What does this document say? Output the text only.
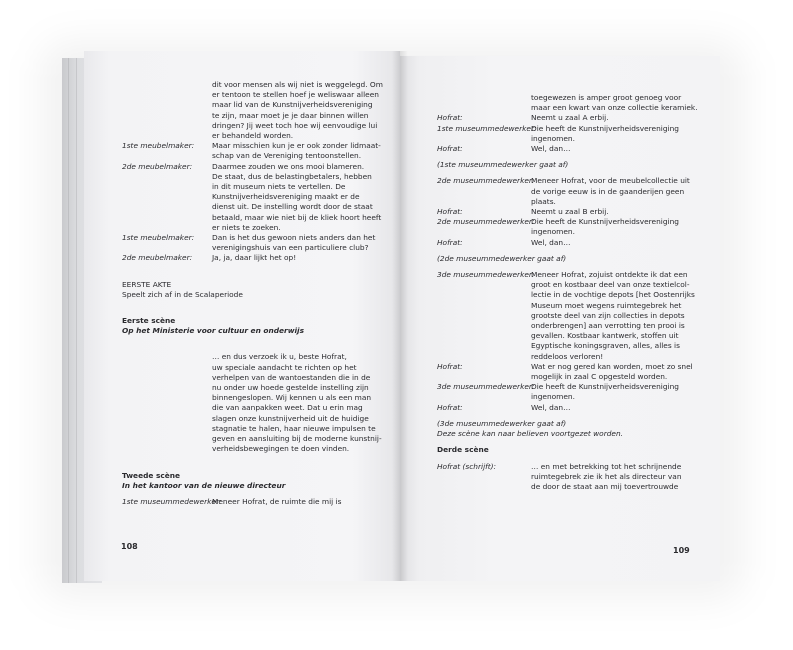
dit voor mensen als wij niet is weggelegd. Om
er tentoon te stellen hoef je weliswaar alleen
maar lid van de Kunstnijverheidsvereniging
te zijn, maar moet je je daar binnen willen
dringen? Jij weet toch hoe wij eenvoudige lui
er behandeld worden.
1ste meubelmaker: Maar misschien kun je er ook zonder lidmaat-
schap van de Vereniging tentoonstellen.
2de meubelmaker:	Daarmee zouden we ons mooi blameren.
De staat, dus de belastingbetalers, hebben
in dit museum niets te vertellen. De
Kunstnijverheidsvereniging maakt er de
dienst uit. De instelling wordt door de staat
betaald, maar wie niet bij de kliek hoort heeft
er niets te zoeken.
1ste meubelmaker: Dan is het dus gewoon niets anders dan het
verenigingshuis van een particuliere club?
2de meubelmaker:	Ja, ja, daar lijkt het op!
EERSTE AKTE
Speelt zich af in de Scalaperiode
Eerste scène
Op het Ministerie voor cultuur en onderwijs
… en dus verzoek ik u, beste Hofrat,
uw speciale aandacht te richten op het
verhelpen van de wantoestanden die in de
nu onder uw hoede gestelde instelling zijn
binnengeslopen. Wij kennen u als een man
die van aanpakken weet. Dat u erin mag
slagen onze kunstnijverheid uit de huidige
stagnatie te halen, haar nieuwe impulsen te
geven en aansluiting bij de moderne kunstnij-
verheidsbewegingen te doen vinden.
Tweede scène
In het kantoor van de nieuwe directeur
1ste museummedewerker:
Meneer Hofrat, de ruimte die mij is
108
toegewezen is amper groot genoeg voor
maar een kwart van onze collectie keramiek.
Hofrat:	Neemt u zaal A erbij.
1ste museummedewerker:
Die heeft de Kunstnijverheidsvereniging
ingenomen.
Hofrat:	Wel, dan…
(1ste museummedewerker gaat af)
2de museummedewerker:
Meneer Hofrat, voor de meubelcollectie uit
de vorige eeuw is in de gaanderijen geen
plaats.
Hofrat:	Neemt u zaal B erbij.
2de museummedewerker:
Die heeft de Kunstnijverheidsvereniging
ingenomen.
Hofrat:	Wel, dan…
(2de museummedewerker gaat af)
3de museummedewerker:
Meneer Hofrat, zojuist ontdekte ik dat een
groot en kostbaar deel van onze textielcol-
lectie in de vochtige depots [het Oostenrijks
Museum moet wegens ruimtegebrek het
grootste deel van zijn collecties in depots
onderbrengen] aan verrotting ten prooi is
gevallen. Kostbaar kantwerk, stoffen uit
Egyptische koningsgraven, alles, alles is
reddeloos verloren!
Hofrat:	Wat er nog gered kan worden, moet zo snel
mogelijk in zaal C opgesteld worden.
3de museummedewerker:
Die heeft de Kunstnijverheidsvereniging
ingenomen.
Hofrat:	Wel, dan…
(3de museummedewerker gaat af)
Deze scène kan naar believen voortgezet worden.
Derde scène
Hofrat (schrijft):	… en met betrekking tot het schrijnende
ruimtegebrek zie ik het als directeur van
de door de staat aan mij toevertrouwde
109
